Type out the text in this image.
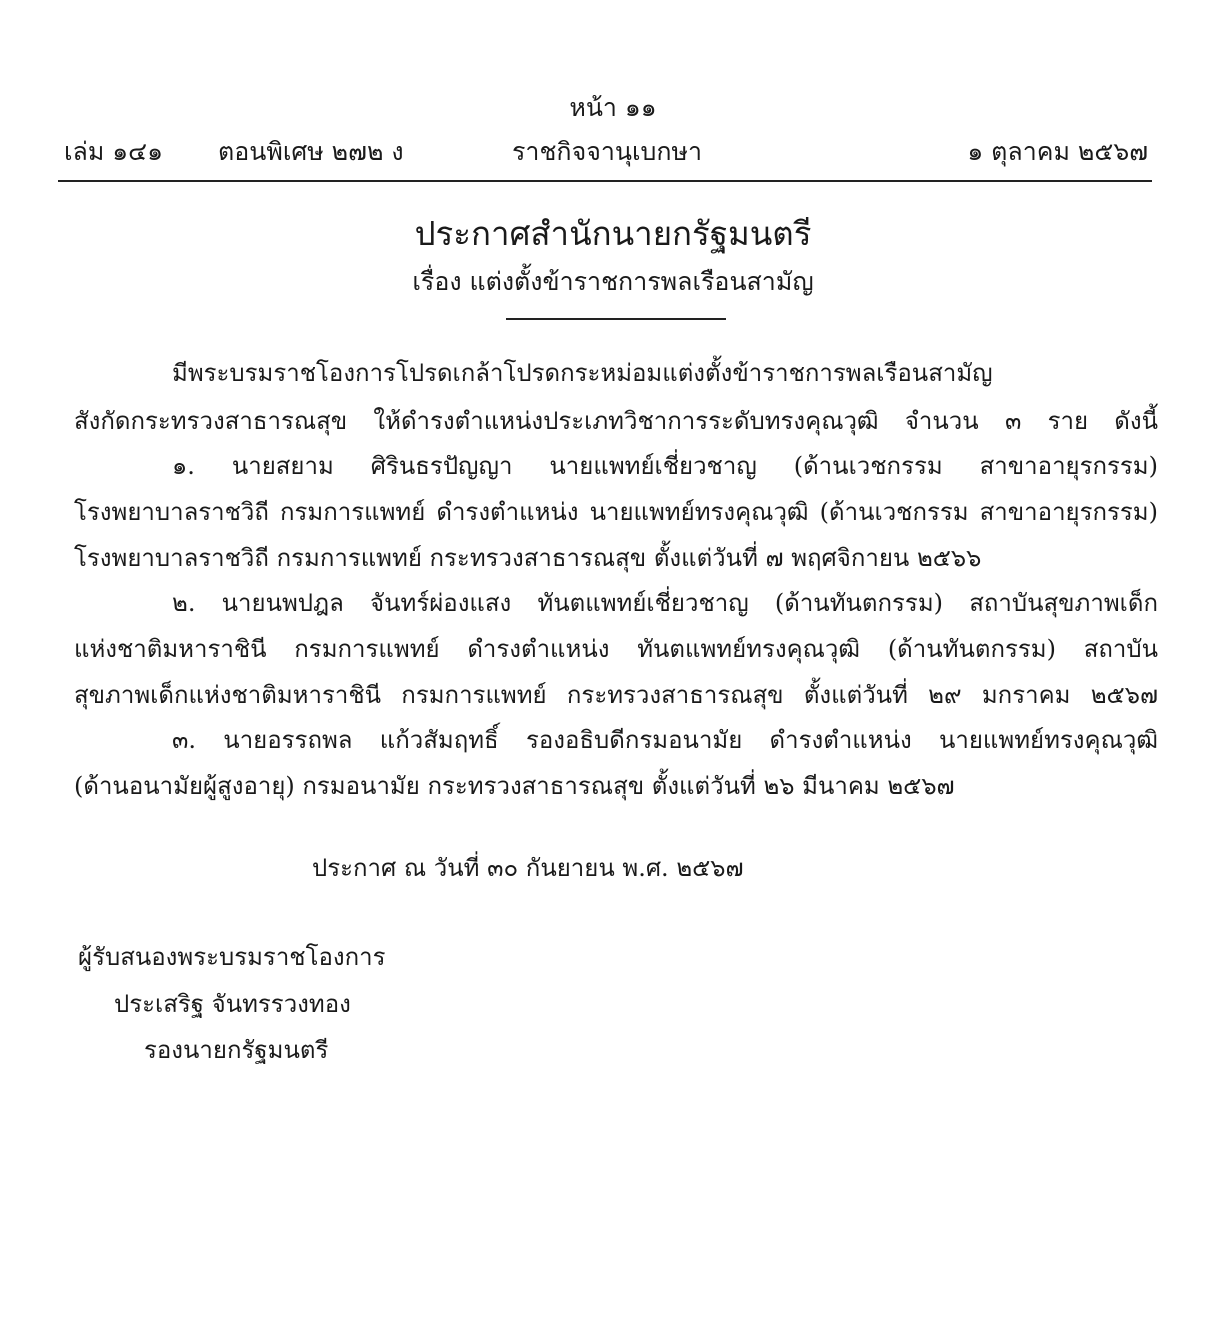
หน้า ๑๑
เล่ม ๑๔๑ ตอนพิเศษ ๒๗๒ ง	ราชกิจจานุเบกษา	๑ ตุลาคม ๒๕๖๗
ประกาศสำนักนายกรัฐมนตรี
เรื่อง แต่งตั้งข้าราชการพลเรือนสามัญ
มีพระบรมราชโองการโปรดเกล้าโปรดกระหม่อมแต่งตั้งข้าราชการพลเรือนสามัญ
สังกัดกระทรวงสาธารณสุข ให้ดำรงตำแหน่งประเภทวิชาการระดับทรงคุณวุฒิ จำนวน ๓ ราย ดังนี้
๑. นายสยาม ศิรินธรปัญญา นายแพทย์เชี่ยวชาญ (ด้านเวชกรรม สาขาอายุรกรรม)
โรงพยาบาลราชวิถี กรมการแพทย์ ดำรงตำแหน่ง นายแพทย์ทรงคุณวุฒิ (ด้านเวชกรรม สาขาอายุรกรรม)
โรงพยาบาลราชวิถี กรมการแพทย์ กระทรวงสาธารณสุข ตั้งแต่วันที่ ๗ พฤศจิกายน ๒๕๖๖
๒. นายนพปฎล จันทร์ผ่องแสง ทันตแพทย์เชี่ยวชาญ (ด้านทันตกรรม) สถาบันสุขภาพเด็ก
แห่งชาติมหาราชินี กรมการแพทย์ ดำรงตำแหน่ง ทันตแพทย์ทรงคุณวุฒิ (ด้านทันตกรรม) สถาบัน
สุขภาพเด็กแห่งชาติมหาราชินี กรมการแพทย์ กระทรวงสาธารณสุข ตั้งแต่วันที่ ๒๙ มกราคม ๒๕๖๗
๓. นายอรรถพล แก้วสัมฤทธิ์ รองอธิบดีกรมอนามัย ดำรงตำแหน่ง นายแพทย์ทรงคุณวุฒิ
(ด้านอนามัยผู้สูงอายุ) กรมอนามัย กระทรวงสาธารณสุข ตั้งแต่วันที่ ๒๖ มีนาคม ๒๕๖๗
ประกาศ ณ วันที่ ๓๐ กันยายน พ.ศ. ๒๕๖๗
ผู้รับสนองพระบรมราชโองการ
ประเสริฐ จันทรรวงทอง
รองนายกรัฐมนตรี
